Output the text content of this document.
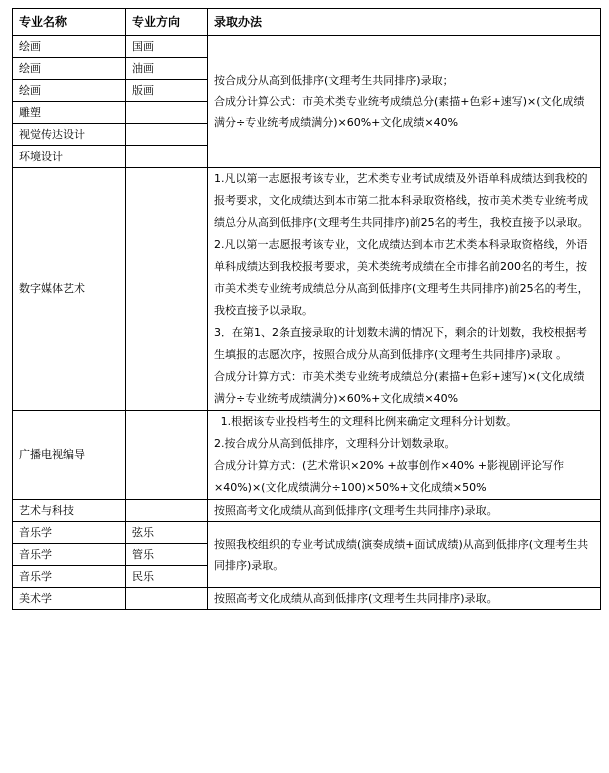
专业名称	专业方向	录取办法
绘画	国画	按合成分从高到低排序(文理考生共同排序)录取；

合成分计算公式：市美术类专业统考成绩总分(素描+色彩+速写)×(文化成绩满分÷专业统考成绩满分)×60%+文化成绩×40%

绘画	油画	
绘画	版画	
雕塑		
视觉传达设计		
环境设计		
数字媒体艺术		1.凡以第一志愿报考该专业，艺术类专业考试成绩及外语单科成绩达到我校的报考要求，文化成绩达到本市第二批本科录取资格线，按市美术类专业统考成绩总分从高到低排序(文理考生共同排序)前25名的考生，我校直接予以录取。

2.凡以第一志愿报考该专业，文化成绩达到本市艺术类本科录取资格线，外语单科成绩达到我校报考要求，美术类统考成绩在全市排名前200名的考生，按市美术类专业统考成绩总分从高到低排序(文理考生共同排序)前25名的考生，我校直接予以录取。

3．在第1、2条直接录取的计划数未满的情况下，剩余的计划数，我校根据考生填报的志愿次序，按照合成分从高到低排序(文理考生共同排序)录取 。

合成分计算方式：市美术类专业统考成绩总分(素描+色彩+速写)×(文化成绩满分÷专业统考成绩满分)×60%+文化成绩×40%

广播电视编导		1.根据该专业投档考生的文理科比例来确定文理科分计划数。

2.按合成分从高到低排序，文理科分计划数录取。

合成分计算方式：(艺术常识×20% +故事创作×40% +影视剧评论写作×40%)×(文化成绩满分÷100)×50%+文化成绩×50%

艺术与科技		按照高考文化成绩从高到低排序(文理考生共同排序)录取。
音乐学	弦乐	按照我校组织的专业考试成绩(演奏成绩+面试成绩)从高到低排序(文理考生共同排序)录取。
音乐学	管乐	
音乐学	民乐	
美术学		按照高考文化成绩从高到低排序(文理考生共同排序)录取。
